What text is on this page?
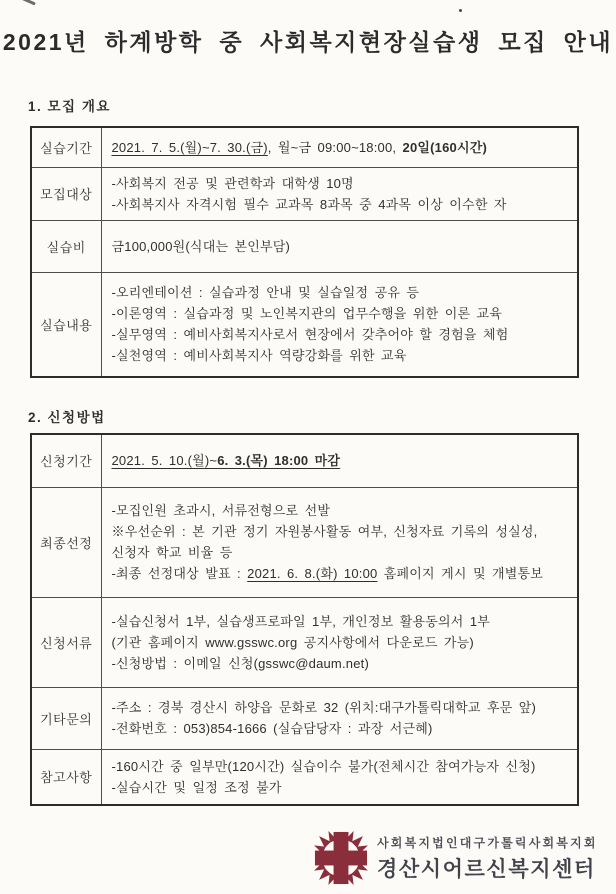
2021년 하계방학 중 사회복지현장실습생 모집 안내
1. 모집 개요
실습기간	2021. 7. 5.(월)~7. 30.(금), 월~금 09:00~18:00, 20일(160시간)

모집대상	-사회복지 전공 및 관련학과 대학생 10명
-사회복지사 자격시험 필수 교과목 8과목 중 4과목 이상 이수한 자

실습비	금100,000원(식대는 본인부담)

실습내용	-오리엔테이션 : 실습과정 안내 및 실습일정 공유 등
-이론영역 : 실습과정 및 노인복지관의 업무수행을 위한 이론 교육
-실무영역 : 예비사회복지사로서 현장에서 갖추어야 할 경험을 체험
-실천영역 : 예비사회복지사 역량강화를 위한 교육
2. 신청방법
신청기간	2021. 5. 10.(월)~6. 3.(목) 18:00 마감

최종선정	-모집인원 초과시, 서류전형으로 선발
※우선순위 : 본 기관 정기 자원봉사활동 여부, 신청자료 기록의 성실성,
신청자 학교 비율 등
-최종 선정대상 발표 : 2021. 6. 8.(화) 10:00 홈페이지 게시 및 개별통보

신청서류	-실습신청서 1부, 실습생프로파일 1부, 개인정보 활용동의서 1부
(기관 홈페이지 www.gsswc.org 공지사항에서 다운로드 가능)
-신청방법 : 이메일 신청(gsswc@daum.net)

기타문의	-주소 : 경북 경산시 하양읍 문화로 32 (위치:대구가톨릭대학교 후문 앞)
-전화번호 : 053)854-1666 (실습담당자 : 과장 서근혜)

참고사항	-160시간 중 일부만(120시간) 실습이수 불가(전체시간 참여가능자 신청)
-실습시간 및 일정 조정 불가
사회복지법인대구가톨릭사회복지회
경산시어르신복지센터
